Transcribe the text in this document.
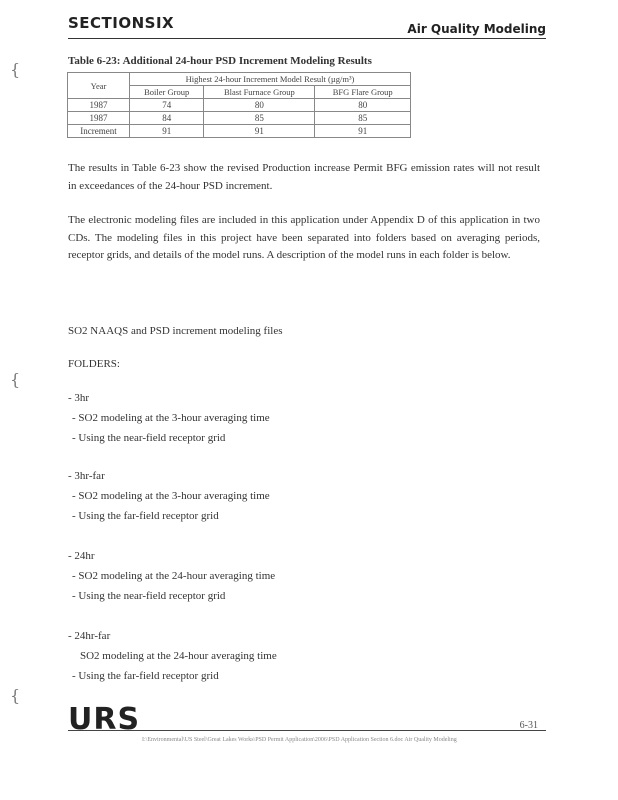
SECTIONSIX	Air Quality Modeling
Table 6-23: Additional 24-hour PSD Increment Modeling Results
Year	Highest 24-hour Increment Model Result (µg/m³)		
	Boiler Group	Blast Furnace Group	BFG Flare Group
1987	74	80	80
1987	84	85	85
Increment	91	91	91

The results in Table 6-23 show the revised Production increase Permit BFG emission rates will not result in exceedances of the 24-hour PSD increment.

The electronic modeling files are included in this application under Appendix D of this application in two CDs. The modeling files in this project have been separated into folders based on averaging periods, receptor grids, and details of the model runs. A description of the model runs in each folder is below.

SO2 NAAQS and PSD increment modeling files
FOLDERS:
- 3hr
- SO2 modeling at the 3-hour averaging time
- Using the near-field receptor grid
- 3hr-far
- SO2 modeling at the 3-hour averaging time
- Using the far-field receptor grid
- 24hr
- SO2 modeling at the 24-hour averaging time
- Using the near-field receptor grid
- 24hr-far
SO2 modeling at the 24-hour averaging time
- Using the far-field receptor grid
{
{
{
URS	6-31
I:\Environmental\US Steel\Great Lakes Works\PSD Permit Application\2006\PSD Application Section 6.doc Air Quality Modeling
